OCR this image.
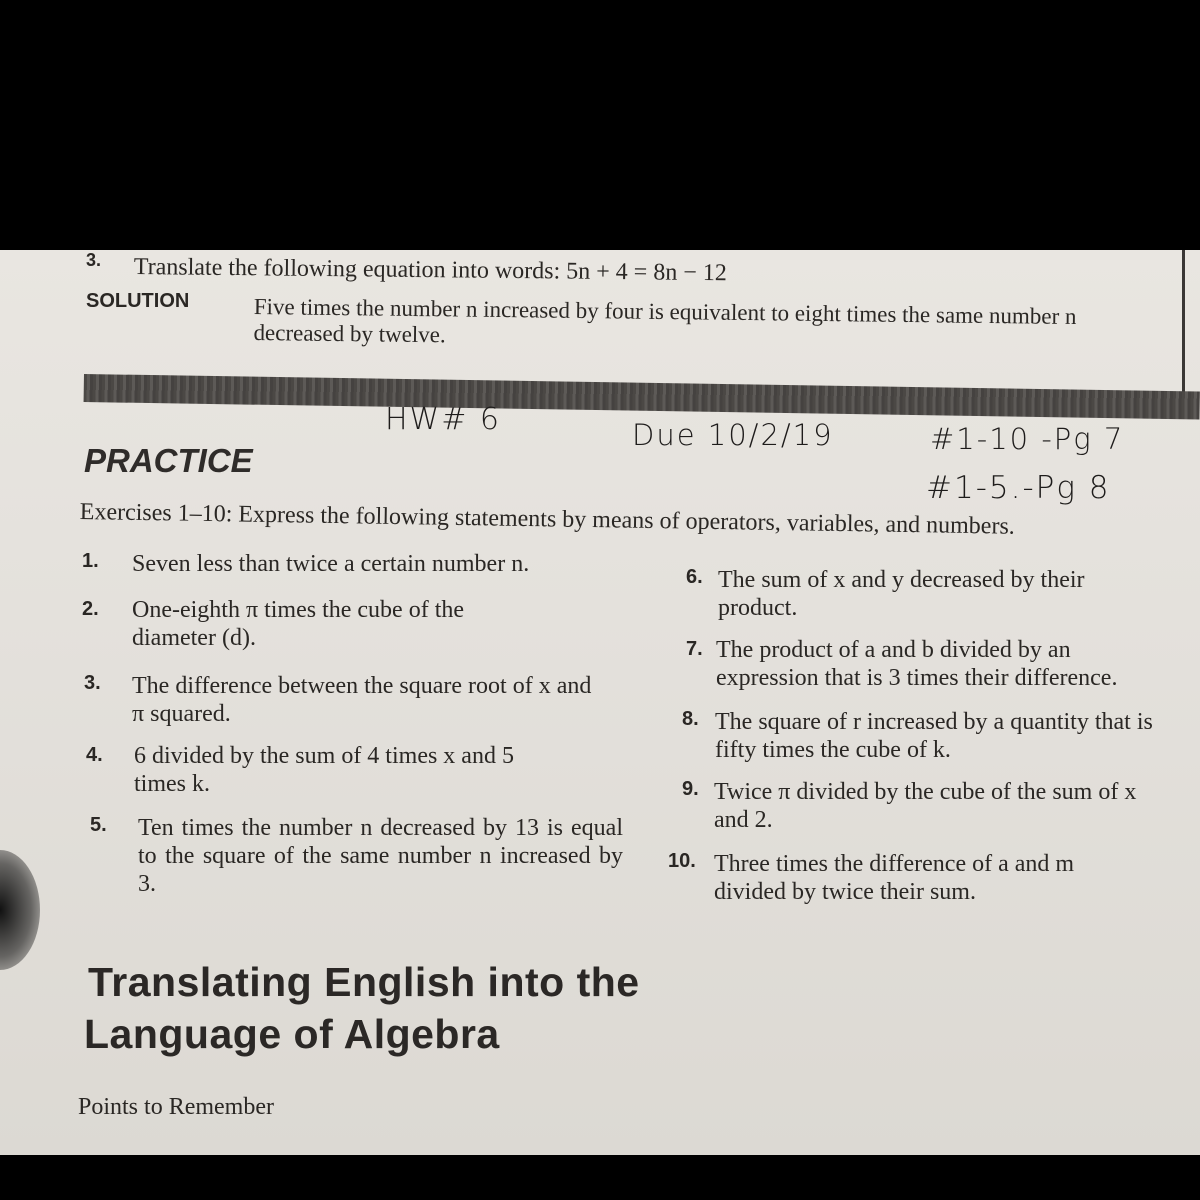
3. Translate the following equation into words: 5n + 4 = 8n − 12
SOLUTION	Five times the number n increased by four is equivalent to eight times the same number n decreased by twelve.
HW# 6	Due 10/2/19	#1-10 -Pg 7
#1-5.-Pg 8
PRACTICE
Exercises 1–10: Express the following statements by means of operators, variables, and numbers.
1. Seven less than twice a certain number n.
2. One-eighth π times the cube of the diameter (d).
3. The difference between the square root of x and π squared.
4. 6 divided by the sum of 4 times x and 5 times k.
5. Ten times the number n decreased by 13 is equal to the square of the same number n increased by 3.
6. The sum of x and y decreased by their product.
7. The product of a and b divided by an expression that is 3 times their difference.
8. The square of r increased by a quantity that is fifty times the cube of k.
9. Twice π divided by the cube of the sum of x and 2.
10. Three times the difference of a and m divided by twice their sum.
Translating English into the
Language of Algebra
Points to Remember
